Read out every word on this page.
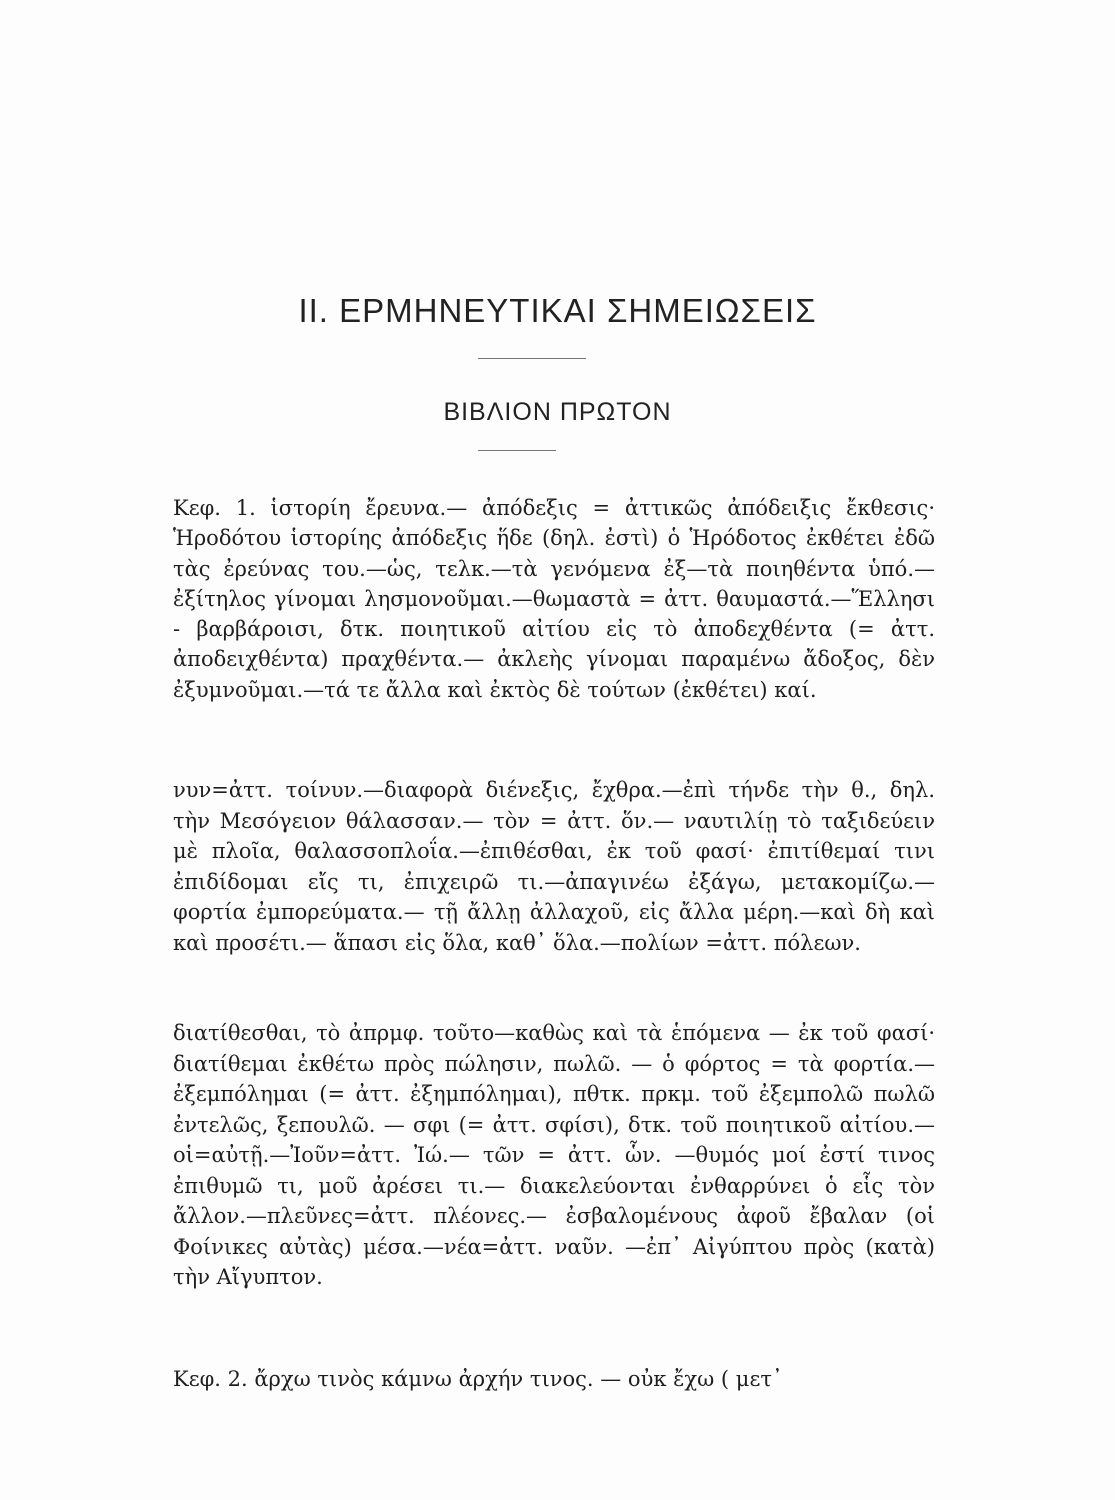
II. ΕΡΜΗΝΕΥΤΙΚΑΙ ΣΗΜΕΙΩΣΕΙΣ
ΒΙΒΛΙΟΝ ΠΡΩΤΟΝ

Κεφ. 1. ἱστορίη ἔρευνα.— ἀπόδεξις = ἀττικῶς ἀπόδειξις ἔκθεσις· Ἡροδότου ἱστορίης ἀπόδεξις ἥδε (δηλ. ἐστὶ) ὁ Ἡρόδοτος ἐκθέτει ἐδῶ τὰς ἐρεύνας του.—ὡς, τελκ.—τὰ γενόμενα ἐξ—τὰ ποιηθέντα ὑπό.—ἐξίτηλος γίνομαι λησμονοῦμαι.—θωμαστὰ = ἀττ. θαυμαστά.—Ἕλλησι - βαρβάροισι, δτκ. ποιητικοῦ αἰτίου εἰς τὸ ἀποδεχθέντα (= ἀττ. ἀποδειχθέντα) πραχθέντα.— ἀκλεὴς γίνομαι παραμένω ἄδοξος, δὲν ἐξυμνοῦμαι.—τά τε ἄλλα καὶ ἐκτὸς δὲ τούτων (ἐκθέτει) καί.

νυν=ἀττ. τοίνυν.—διαφορὰ διένεξις, ἔχθρα.—ἐπὶ τήνδε τὴν θ., δηλ. τὴν Μεσόγειον θάλασσαν.— τὸν = ἀττ. ὅν.— ναυτιλίῃ τὸ ταξιδεύειν μὲ πλοῖα, θαλασσοπλοΐα.—ἐπιθέσθαι, ἐκ τοῦ φασί· ἐπιτίθεμαί τινι ἐπιδίδομαι εἴς τι, ἐπιχειρῶ τι.—ἀπαγινέω ἐξάγω, μετακομίζω.— φορτία ἐμπορεύματα.— τῇ ἄλλῃ ἀλλαχοῦ, εἰς ἄλλα μέρη.—καὶ δὴ καὶ καὶ προσέτι.— ἅπασι εἰς ὅλα, καθ᾽ ὅλα.—πολίων =ἀττ. πόλεων.

διατίθεσθαι, τὸ ἀπρμφ. τοῦτο—καθὼς καὶ τὰ ἑπόμενα — ἐκ τοῦ φασί· διατίθεμαι ἐκθέτω πρὸς πώλησιν, πωλῶ. — ὁ φόρτος = τὰ φορτία.— ἐξεμπόλημαι (= ἀττ. ἐξημπόλημαι), πθτκ. πρκμ. τοῦ ἐξεμπολῶ πωλῶ ἐντελῶς, ξεπουλῶ. — σφι (= ἀττ. σφίσι), δτκ. τοῦ ποιητικοῦ αἰτίου.—οἱ=αὐτῇ.—Ἰοῦν=ἀττ. Ἰώ.— τῶν = ἀττ. ὧν. —θυμός μοί ἐστί τινος ἐπιθυμῶ τι, μοῦ ἀρέσει τι.— διακελεύονται ἐνθαρρύνει ὁ εἷς τὸν ἄλλον.—πλεῦνες=ἀττ. πλέονες.— ἐσβαλομένους ἀφοῦ ἔβαλαν (οἱ Φοίνικες αὐτὰς) μέσα.—νέα=ἀττ. ναῦν. —ἐπ᾽ Αἰγύπτου πρὸς (κατὰ) τὴν Αἴγυπτον.

Κεφ. 2. ἄρχω τινὸς κάμνω ἀρχήν τινος. — οὐκ ἔχω ( μετ᾽
